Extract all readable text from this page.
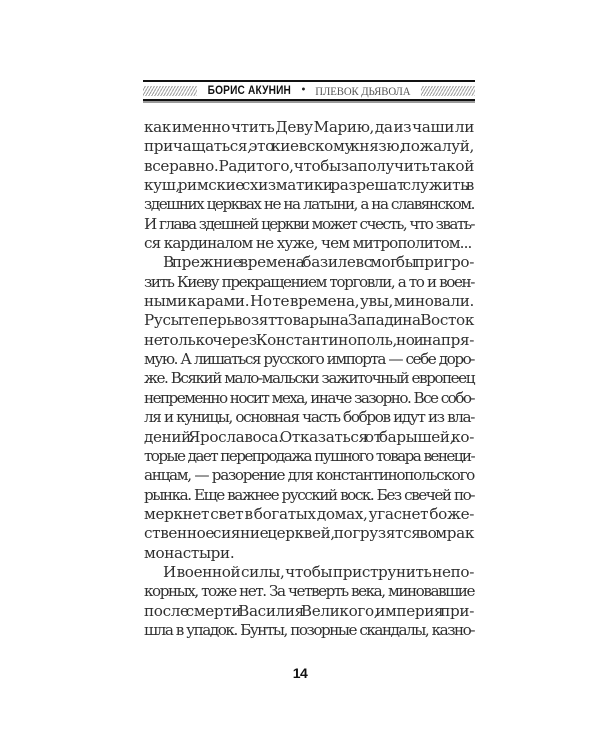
БОРИС АКУНИН • ПЛЕВОК ДЬЯВОЛА
как именно чтить Деву Марию, да из чаши ли
причащаться, это киевскому князю, пожалуй,
все равно. Ради того, чтобы заполучить такой
куш, римские схизматики разрешат служить в
здешних церквах не на латыни, а на славянском.
И глава здешней церкви может счесть, что звать-
ся кардиналом не хуже, чем митрополитом...
В прежние времена базилевс мог бы пригро-
зить Киеву прекращением торговли, а то и воен-
ными карами. Но те времена, увы, миновали.
Русы теперь возят товары на Запад и на Восток
не только через Константинополь, но и напря-
мую. А лишаться русского импорта — себе доро-
же. Всякий мало-мальски зажиточный европеец
непременно носит меха, иначе зазорно. Все собо-
ля и куницы, основная часть бобров идут из вла-
дений Ярославоса. Отказаться от барышей, ко-
торые дает перепродажа пушного товара венеци-
анцам, — разорение для константинопольского
рынка. Еще важнее русский воск. Без свечей по-
меркнет свет в богатых домах, угаснет боже-
ственное сияние церквей, погрузятся во мрак
монастыри.
И военной силы, чтобы приструнить непо-
корных, тоже нет. За четверть века, миновавшие
после смерти Василия Великого, империя при-
шла в упадок. Бунты, позорные скандалы, казно-
14
